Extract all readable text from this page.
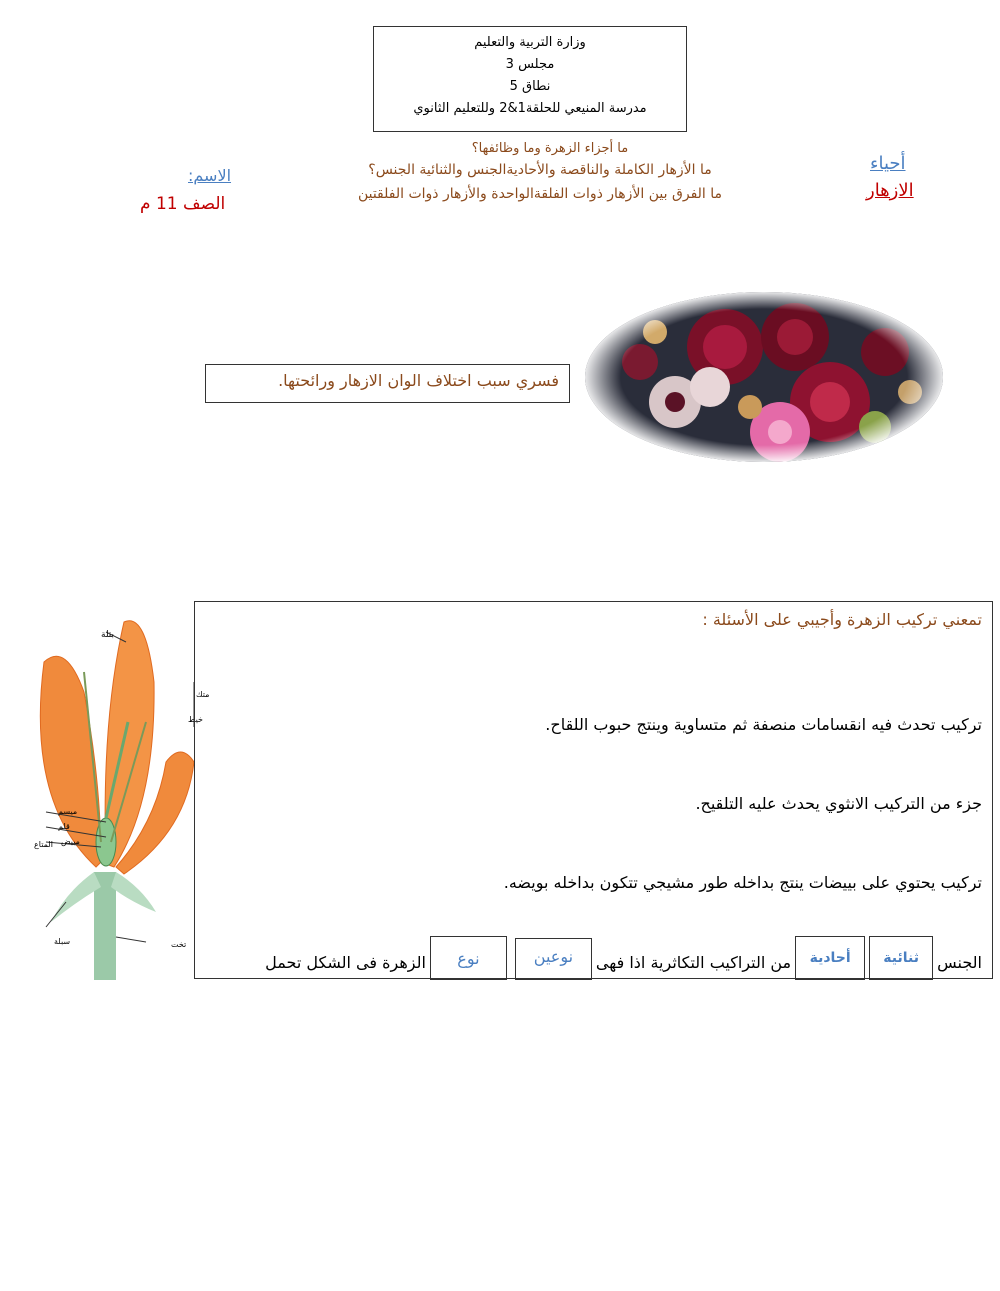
وزارة التربية والتعليم
مجلس 3
نطاق 5
مدرسة المنيعي للحلقة1&2 وللتعليم الثانوي
ما أجزاء الزهرة وما وظائفها؟
ما الأزهار الكاملة والناقصة والأحاديةالجنس والثنائية الجنس؟
ما الفرق بين الأزهار ذوات الفلقةالواحدة والأزهار ذوات الفلقتين
أحياء
الازهار
الاسم:
الصف 11 م
فسري سبب اختلاف الوان الازهار ورائحتها.
بتلة
متك
خيط
ميسم
قلم
مبيض
المتاع
سبلة	تخت
تمعني تركيب الزهرة وأجيبي على الأسئلة :
تركيب تحدث فيه انقسامات منصفة ثم متساوية وينتج حبوب اللقاح.
جزء من التركيب الانثوي يحدث عليه التلقيح.
تركيب يحتوي على بييضات ينتج بداخله طور مشيجي تتكون بداخله بويضه.
الزهرة فى الشكل تحمل	نوع	نوعين	من التراكيب التكاثرية اذا فهى	أحادية	ثنائية	الجنس
